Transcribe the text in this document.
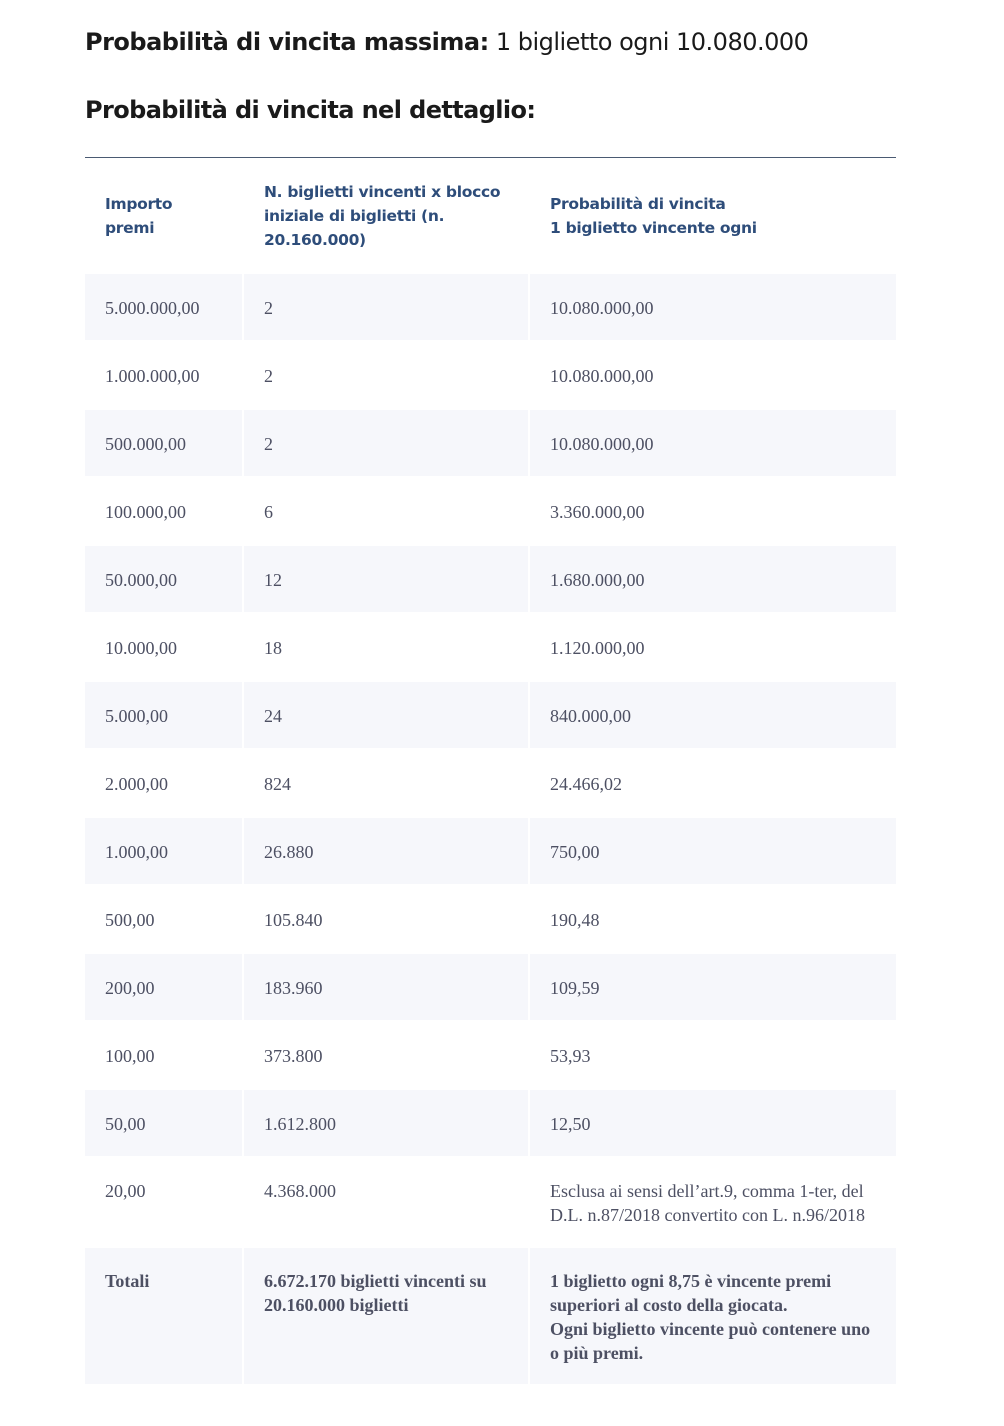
Probabilità di vincita massima: 1 biglietto ogni 10.080.000
Probabilità di vincita nel dettaglio:
Importo premi	N. biglietti vincenti x blocco iniziale di biglietti (n. 20.160.000)	Probabilità di vincita
1 biglietto vincente ogni
5.000.000,00	2	10.080.000,00
1.000.000,00	2	10.080.000,00
500.000,00	2	10.080.000,00
100.000,00	6	3.360.000,00
50.000,00	12	1.680.000,00
10.000,00	18	1.120.000,00
5.000,00	24	840.000,00
2.000,00	824	24.466,02
1.000,00	26.880	750,00
500,00	105.840	190,48
200,00	183.960	109,59
100,00	373.800	53,93
50,00	1.612.800	12,50
20,00	4.368.000	Esclusa ai sensi dell’art.9, comma 1-ter, del D.L. n.87/2018 convertito con L. n.96/2018
Totali	6.672.170 biglietti vincenti su 20.160.000 biglietti	1 biglietto ogni 8,75 è vincente premi superiori al costo della giocata.
Ogni biglietto vincente può contenere uno o più premi.
